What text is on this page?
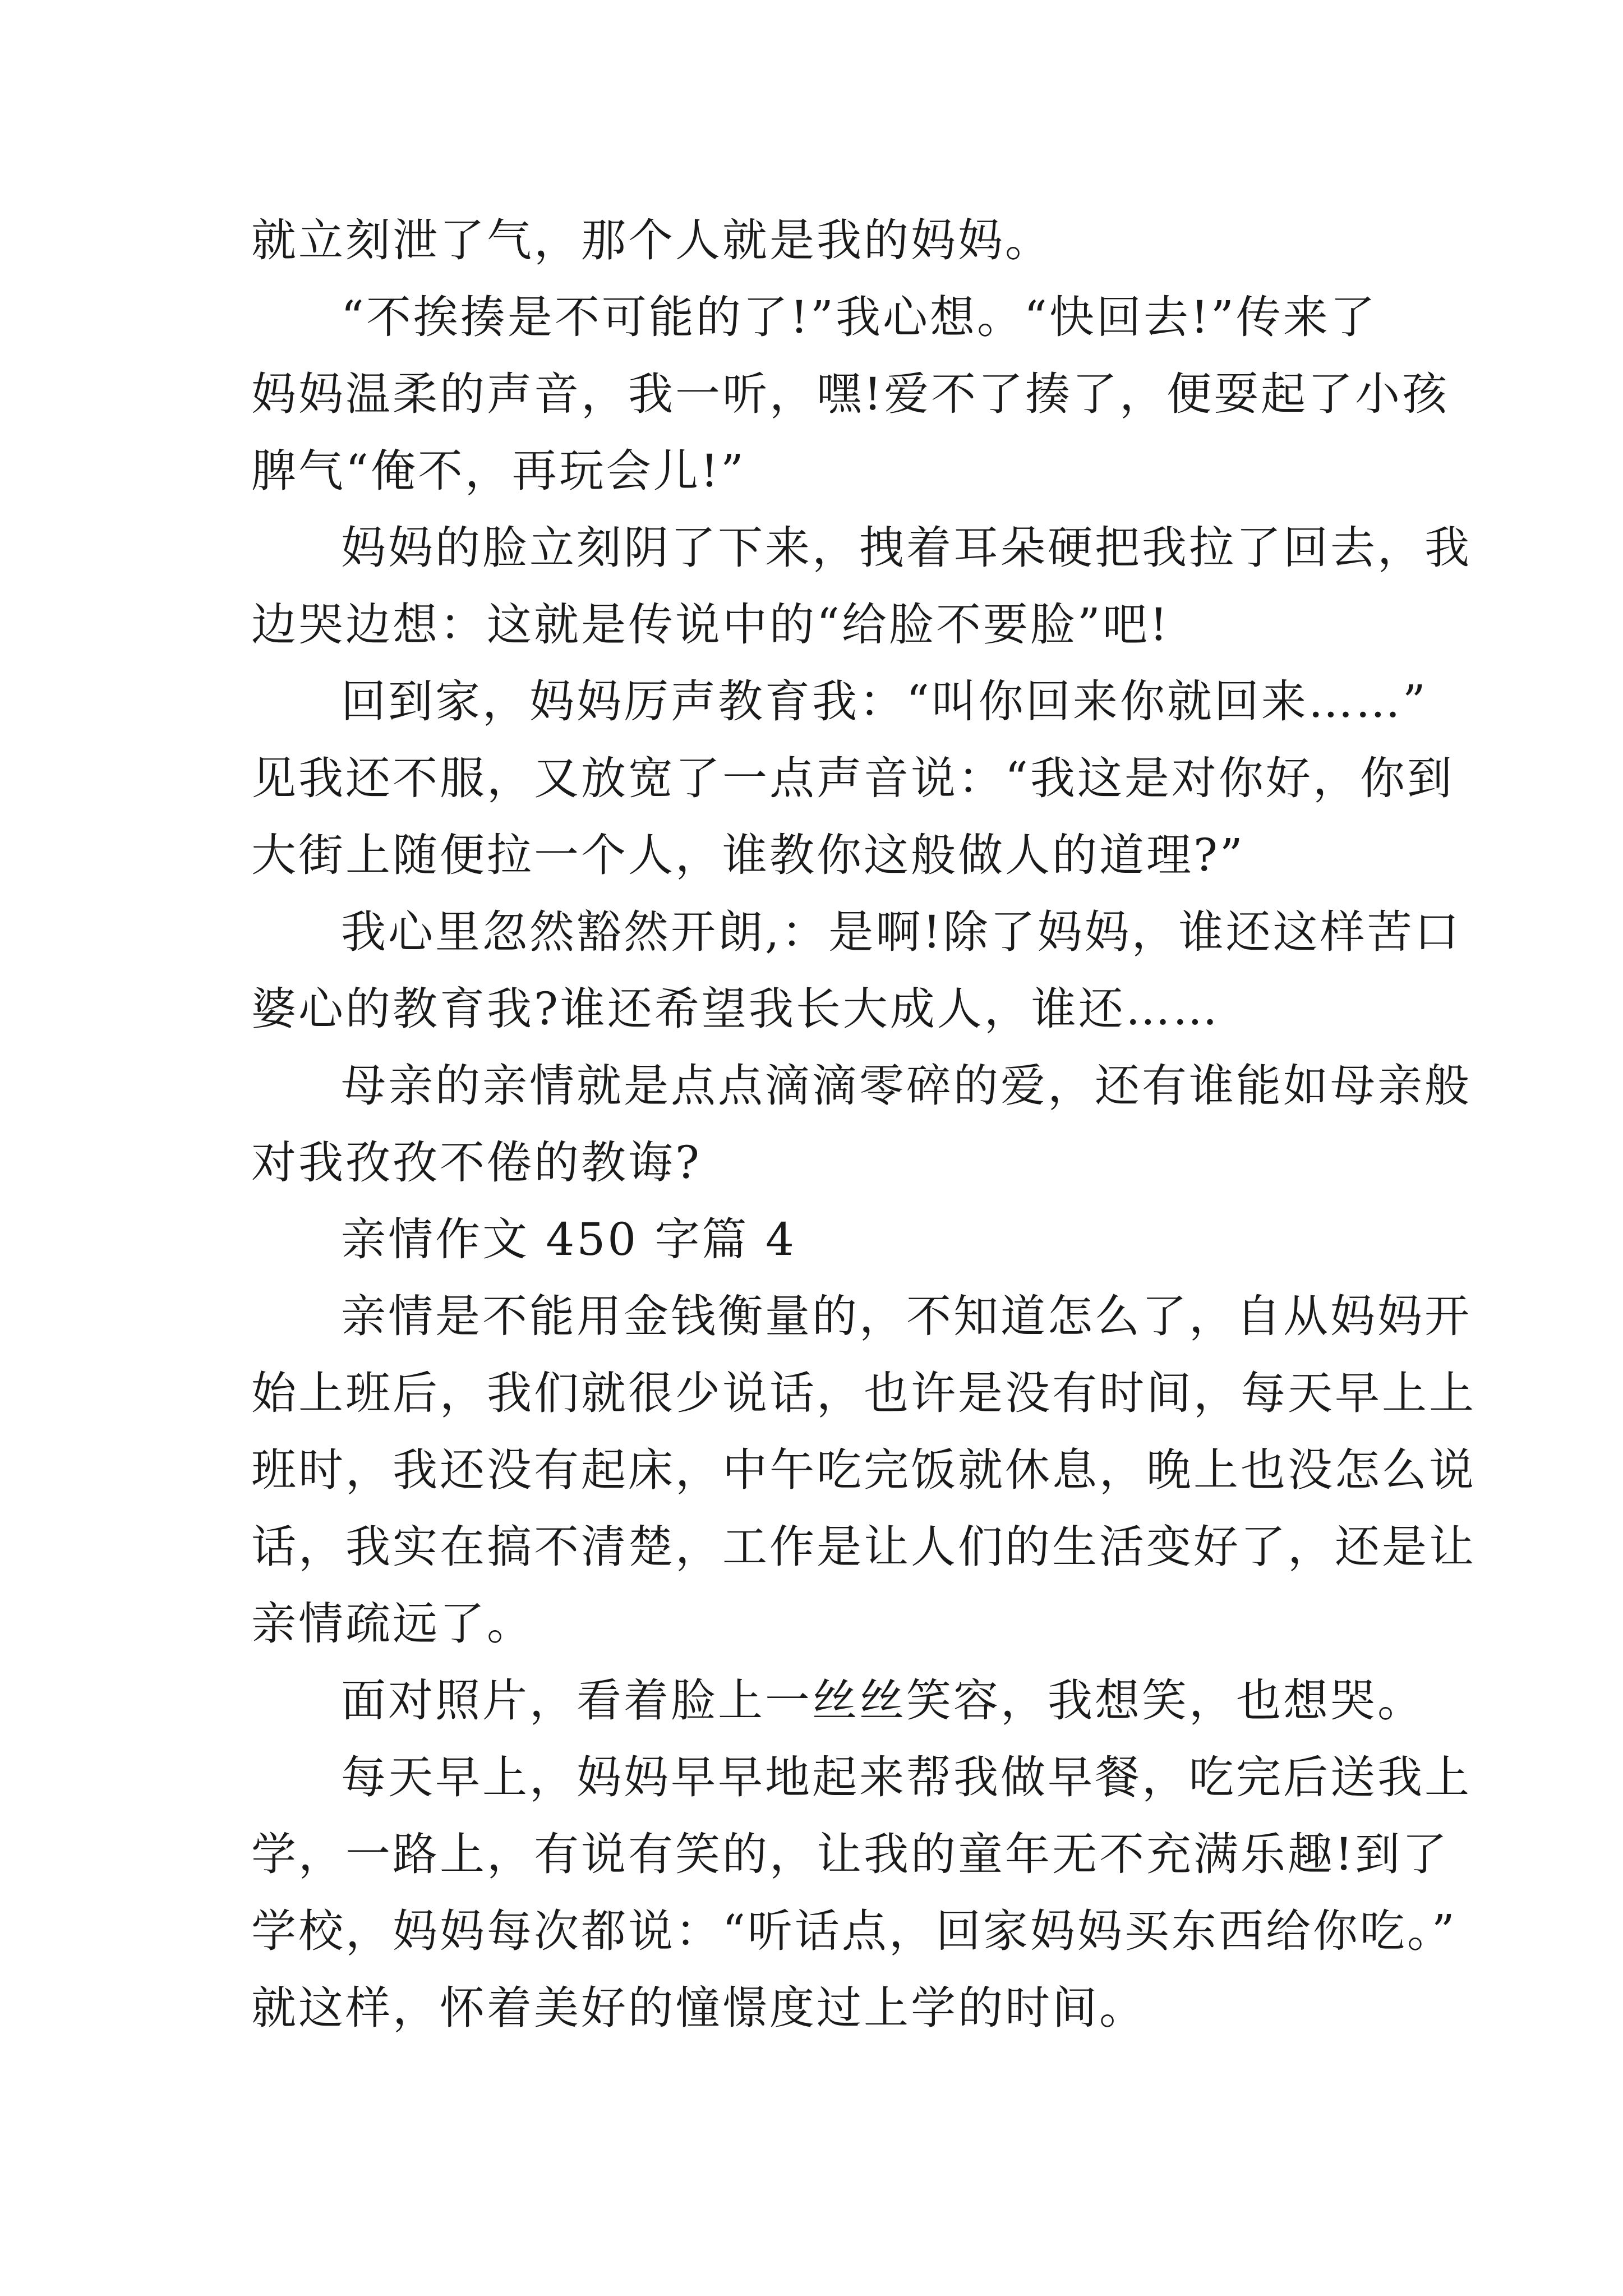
就立刻泄了气，那个人就是我的妈妈。
“不挨揍是不可能的了!”我心想。“快回去!”传来了
妈妈温柔的声音，我一听，嘿!爱不了揍了，便耍起了小孩
脾气“俺不，再玩会儿!”
妈妈的脸立刻阴了下来，拽着耳朵硬把我拉了回去，我
边哭边想：这就是传说中的“给脸不要脸”吧!
回到家，妈妈厉声教育我：“叫你回来你就回来……”
见我还不服，又放宽了一点声音说：“我这是对你好，你到
大街上随便拉一个人，谁教你这般做人的道理?”
我心里忽然豁然开朗,：是啊!除了妈妈，谁还这样苦口
婆心的教育我?谁还希望我长大成人，谁还……
母亲的亲情就是点点滴滴零碎的爱，还有谁能如母亲般
对我孜孜不倦的教诲?
亲情作文 450 字篇 4
亲情是不能用金钱衡量的，不知道怎么了，自从妈妈开
始上班后，我们就很少说话，也许是没有时间，每天早上上
班时，我还没有起床，中午吃完饭就休息，晚上也没怎么说
话，我实在搞不清楚，工作是让人们的生活变好了，还是让
亲情疏远了。
面对照片，看着脸上一丝丝笑容，我想笑，也想哭。
每天早上，妈妈早早地起来帮我做早餐，吃完后送我上
学，一路上，有说有笑的，让我的童年无不充满乐趣!到了
学校，妈妈每次都说：“听话点，回家妈妈买东西给你吃。”
就这样，怀着美好的憧憬度过上学的时间。
